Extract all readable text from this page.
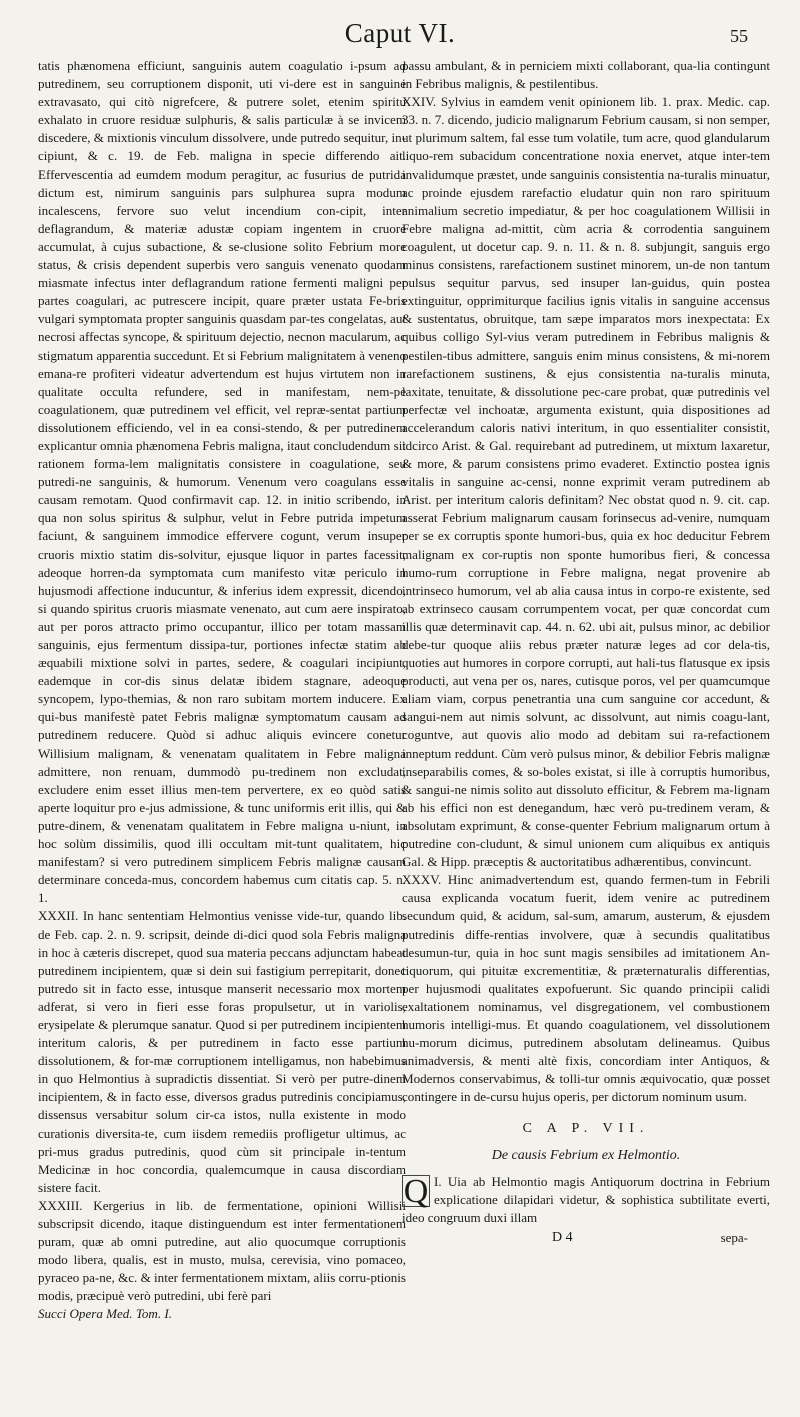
Caput VI.	55

tatis phænomena efficiunt, sanguinis autem coagulatio i-psum ad putredinem, seu corruptionem disponit, uti vi-dere est in sanguine extravasato, qui citò nigrefcere, & putrere solet, etenim spiritu exhalato in cruore residuæ sulphuris, & salis particulæ à se invicem discedere, & mixtionis vinculum dissolvere, unde putredo sequitur, in-cipiunt, & c. 19. de Feb. maligna in specie differendo ait. Effervescentia ad eumdem modum peragitur, ac fusurius de putrida dictum est, nimirum sanguinis pars sulphurea supra modum incalescens, fervore suo velut incendium con-cipit, inter deflagrandum, & materiæ adustæ copiam ingentem in cruore accumulat, à cujus subactione, & se-clusione solito Febrium more status, & crisis dependent superbis vero sanguis venenato quodam miasmate infectus inter deflagrandum ratione fermenti maligni per partes coagulari, ac putrescere incipit, quare præter ustata Fe-bris vulgari symptomata propter sanguinis quasdam par-tes congelatas, aut necrosi affectas syncope, & spirituum dejectio, necnon macularum, ac stigmatum apparentia succedunt. Et si Febrium malignitatem à veneno emana-re profiteri videatur advertendum est hujus virtutem non in qualitate occulta refundere, sed in manifestam, nem-pe coagulationem, quæ putredinem vel efficit, vel repræ-sentat partium dissolutionem efficiendo, vel in ea consi-stendo, & per putredinem explicantur omnia phænomena Febris maligna, itaut concludendum sit rationem forma-lem malignitatis consistere in coagulatione, seu putredi-ne sanguinis, & humorum. Venenum vero coagulans esse causam remotam. Quod confirmavit cap. 12. in initio scribendo, in qua non solus spiritus & sulphur, velut in Febre putrida impetum faciunt, & sanguinem immodice effervere cogunt, verum insuper cruoris mixtio statim dis-solvitur, ejusque liquor in partes facessit, adeoque horren-da symptomata cum manifesto vitæ periculo in hujusmodi affectione inducuntur, & inferius idem expressit, dicendo, si quando spiritus cruoris miasmate venenato, aut cum aere inspirato, aut per poros attracto primo occupantur, illico per totam massam sanguinis, ejus fermentum dissipa-tur, portiones infectæ statim ab æquabili mixtione solvi in partes, sedere, & coagulari incipiunt, eademque in cor-dis sinus delatæ ibidem stagnare, adeoque syncopem, lypo-themias, & non raro subitam mortem inducere. Ex qui-bus manifestè patet Febris malignæ symptomatum causam ad putredinem reducere. Quòd si adhuc aliquis evincere conetur Willisium malignam, & venenatam qualitatem in Febre maligna admittere, non renuam, dummodò pu-tredinem non excludat, excludere enim esset illius men-tem pervertere, ex eo quòd satis aperte loquitur pro e-jus admissione, & tunc uniformis erit illis, qui & putre-dinem, & venenatam qualitatem in Febre maligna u-niunt, in hoc solùm dissimilis, quod illi occultam mit-tunt qualitatem, hic manifestam? si vero putredinem simplicem Febris malignæ causam determinare conceda-mus, concordem habemus cum citatis cap. 5. n. 1.

XXXII. In hanc sententiam Helmontius venisse vide-tur, quando lib. de Feb. cap. 2. n. 9. scripsit, deinde di-dici quod sola Febris maligna in hoc à cæteris discrepet, quod sua materia peccans adjunctam habeat putredinem incipientem, quæ si dein sui fastigium perrepitarit, donec putredo sit in facto esse, intusque manserit necessario mox mortem adferat, si vero in fieri esse foras propulsetur, ut in variolis, erysipelate & plerumque sanatur. Quod si per putredinem incipientem interitum caloris, & per putredinem in facto esse partium dissolutionem, & for-mæ corruptionem intelligamus, non habebimus in quo Helmontius à supradictis dissentiat. Si verò per putre-dinem incipientem, & in facto esse, diversos gradus putredinis concipiamus, dissensus versabitur solum cir-ca istos, nulla existente in modo curationis diversita-te, cum iisdem remediis profligetur ultimus, ac pri-mus gradus putredinis, quod cùm sit principale in-tentum Medicinæ in hoc concordia, qualemcumque in causa discordiam sistere facit.

XXXIII. Kergerius in lib. de fermentatione, opinioni Willisii subscripsit dicendo, itaque distinguendum est inter fermentationem puram, quæ ab omni putredine, aut alio quocumque corruptionis modo libera, qualis, est in musto, mulsa, cerevisia, vino pomaceo, pyraceo pa-ne, &c. & inter fermentationem mixtam, aliis corru-ptionis modis, præcipuè verò putredini, ubi ferè pari

Succi Opera Med. Tom. I.

passu ambulant, & in perniciem mixti collaborant, qua-lia contingunt in Febribus malignis, & pestilentibus.

XXIV. Sylvius in eamdem venit opinionem lib. 1. prax. Medic. cap. 33. n. 7. dicendo, judicio malignarum Febrium causam, si non semper, ut plurimum saltem, fal esse tum volatile, tum acre, quod glandularum liquo-rem subacidum concentratione noxia enervet, atque inter-tem invalidumque præstet, unde sanguinis consistentia na-turalis minuatur, ac proinde ejusdem rarefactio eludatur quin non raro spirituum animalium secretio impediatur, & per hoc coagulationem Willisii in Febre maligna ad-mittit, cùm acria & corrodentia sanguinem coagulent, ut docetur cap. 9. n. 11. & n. 8. subjungit, sanguis ergo minus consistens, rarefactionem sustinet minorem, un-de non tantum pulsus sequitur parvus, sed insuper lan-guidus, quin postea extinguitur, opprimiturque facilius ignis vitalis in sanguine accensus & sustentatus, obruitque, tam sæpe imparatos mors inexpectata: Ex quibus colligo Syl-vius veram putredinem in Febribus malignis & pestilen-tibus admittere, sanguis enim minus consistens, & mi-norem rarefactionem sustinens, & ejus consistentia na-turalis minuta, laxitate, tenuitate, & dissolutione pec-care probat, quæ putredinis vel perfectæ vel inchoatæ, argumenta existunt, quia dispositiones ad accelerandum caloris nativi interitum, in quo essentialiter consistit, idcirco Arist. & Gal. requirebant ad putredinem, ut mixtum laxaretur, & more, & parum consistens primo evaderet. Extinctio postea ignis vitalis in sanguine ac-censi, nonne exprimit veram putredinem ab Arist. per interitum caloris definitam? Nec obstat quod n. 9. cit. cap. asserat Febrium malignarum causam forinsecus ad-venire, numquam per se ex corruptis sponte humori-bus, quia ex hoc deducitur Febrem malignam ex cor-ruptis non sponte humoribus fieri, & concessa humo-rum corruptione in Febre maligna, negat provenire ab intrinseco humorum, vel ab alia causa intus in corpo-re existente, sed ab extrinseco causam corrumpentem vocat, per quæ concordat cum illis quæ determinavit cap. 44. n. 62. ubi ait, pulsus minor, ac debilior debe-tur quoque aliis rebus præter naturæ leges ad cor dela-tis, quoties aut humores in corpore corrupti, aut hali-tus flatusque ex ipsis producti, aut vena per os, nares, cutisque poros, vel per quamcumque aliam viam, corpus penetrantia una cum sanguine cor accedunt, & sangui-nem aut nimis solvunt, ac dissolvunt, aut nimis coagu-lant, coguntve, aut quovis alio modo ad debitam sui ra-refactionem inneptum reddunt. Cùm verò pulsus minor, & debilior Febris malignæ inseparabilis comes, & so-boles existat, si ille à corruptis humoribus, & sangui-ne nimis solito aut dissoluto efficitur, & Febrem ma-lignam ab his effici non est denegandum, hæc verò pu-tredinem veram, & absolutam exprimunt, & conse-quenter Febrium malignarum ortum à putredine con-cludunt, & simul unionem cum aliquibus ex antiquis Gal. & Hipp. præceptis & auctoritatibus adhærentibus, convincunt.

XXXV. Hinc animadvertendum est, quando fermen-tum in Febrili causa explicanda vocatum fuerit, idem venire ac putredinem secundum quid, & acidum, sal-sum, amarum, austerum, & ejusdem putredinis diffe-rentias involvere, quæ à secundis qualitatibus desumun-tur, quia in hoc sunt magis sensibiles ad imitationem An-tiquorum, qui pituitæ excrementitiæ, & præternaturalis differentias, per hujusmodi qualitates expofuerunt. Sic quando principii calidi exaltationem nominamus, vel disgregationem, vel combustionem humoris intelligi-mus. Et quando coagulationem, vel dissolutionem hu-morum dicimus, putredinem absolutam delineamus. Quibus animadversis, & menti altè fixis, concordiam inter Antiquos, & Modernos conservabimus, & tolli-tur omnis æquivocatio, quæ posset contingere in de-cursu hujus operis, per dictorum nominum usum.

C A P. VII.

De causis Febrium ex Helmontio.

Q I. Uia ab Helmontio magis Antiquorum doctrina in Febrium explicatione dilapidari videtur, & sophistica subtilitate everti, ideo congruum duxi illam

D 4	sepa-
